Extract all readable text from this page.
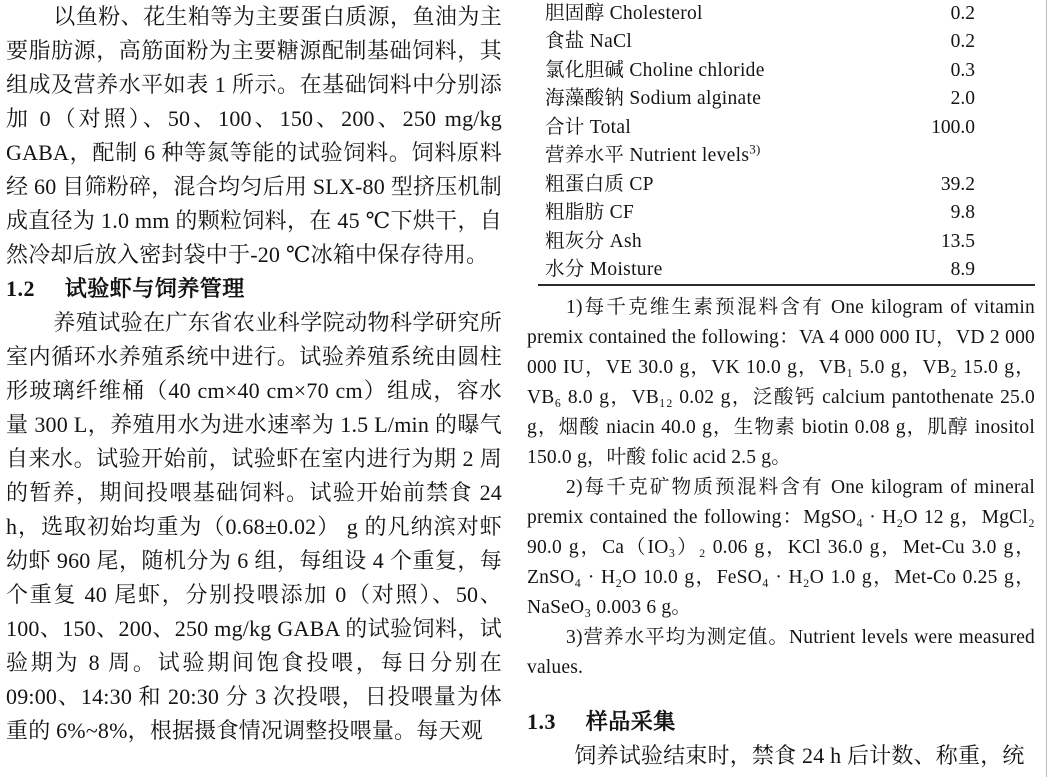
以鱼粉、花生粕等为主要蛋白质源，鱼油为主要脂肪源，高筋面粉为主要糖源配制基础饲料，其组成及营养水平如表 1 所示。在基础饲料中分别添加 0（对照）、50、100、150、200、250 mg/kg GABA，配制 6 种等氮等能的试验饲料。饲料原料经 60 目筛粉碎，混合均匀后用 SLX-80 型挤压机制成直径为 1.0 mm 的颗粒饲料，在 45 ℃下烘干，自然冷却后放入密封袋中于-20 ℃冰箱中保存待用。

1.2 试验虾与饲养管理

养殖试验在广东省农业科学院动物科学研究所室内循环水养殖系统中进行。试验养殖系统由圆柱形玻璃纤维桶（40 cm×40 cm×70 cm）组成，容水量 300 L，养殖用水为进水速率为 1.5 L/min 的曝气自来水。试验开始前，试验虾在室内进行为期 2 周的暂养，期间投喂基础饲料。试验开始前禁食 24 h，选取初始均重为（0.68±0.02） g 的凡纳滨对虾幼虾 960 尾，随机分为 6 组，每组设 4 个重复，每个重复 40 尾虾，分别投喂添加 0（对照）、50、100、150、200、250 mg/kg GABA 的试验饲料，试验期为 8 周。试验期间饱食投喂，每日分别在 09:00、14:30 和 20:30 分 3 次投喂，日投喂量为体重的 6%~8%，根据摄食情况调整投喂量。每天观

胆固醇 Cholesterol	0.2
食盐 NaCl	0.2
氯化胆碱 Choline chloride	0.3
海藻酸钠 Sodium alginate	2.0
合计 Total	100.0
营养水平 Nutrient levels$^{3)}$
粗蛋白质 CP	39.2
粗脂肪 CF	9.8
粗灰分 Ash	13.5
水分 Moisture	8.9

1)每千克维生素预混料含有 One kilogram of vitamin premix contained the following：VA 4 000 000 IU，VD 2 000 000 IU，VE 30.0 g，VK 10.0 g，VB₁ 5.0 g，VB₂ 15.0 g，VB₆ 8.0 g，VB₁₂ 0.02 g，泛酸钙 calcium pantothenate 25.0 g，烟酸 niacin 40.0 g，生物素 biotin 0.08 g，肌醇 inositol 150.0 g，叶酸 folic acid 2.5 g。

2)每千克矿物质预混料含有 One kilogram of mineral premix contained the following：MgSO₄ · H₂O 12 g，MgCl₂ 90.0 g，Ca（IO₃）₂ 0.06 g，KCl 36.0 g，Met-Cu 3.0 g，ZnSO₄ · H₂O 10.0 g，FeSO₄ · H₂O 1.0 g，Met-Co 0.25 g，NaSeO₃ 0.003 6 g。

3)营养水平均为测定值。Nutrient levels were measured values.

1.3 样品采集

饲养试验结束时，禁食 24 h 后计数、称重，统
